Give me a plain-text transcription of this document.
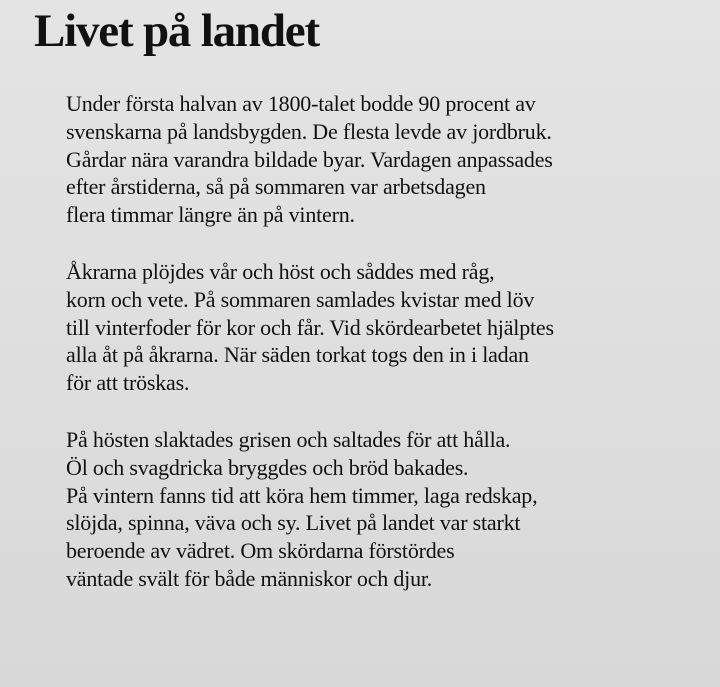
Livet på landet

Under första halvan av 1800-talet bodde 90 procent av
svenskarna på landsbygden. De flesta levde av jordbruk.
Gårdar nära varandra bildade byar. Vardagen anpassades
efter årstiderna, så på sommaren var arbetsdagen
flera timmar längre än på vintern.

Åkrarna plöjdes vår och höst och såddes med råg,
korn och vete. På sommaren samlades kvistar med löv
till vinterfoder för kor och får. Vid skördearbetet hjälptes
alla åt på åkrarna. När säden torkat togs den in i ladan
för att tröskas.

På hösten slaktades grisen och saltades för att hålla.
Öl och svagdricka bryggdes och bröd bakades.
På vintern fanns tid att köra hem timmer, laga redskap,
slöjda, spinna, väva och sy. Livet på landet var starkt
beroende av vädret. Om skördarna förstördes
väntade svält för både människor och djur.
